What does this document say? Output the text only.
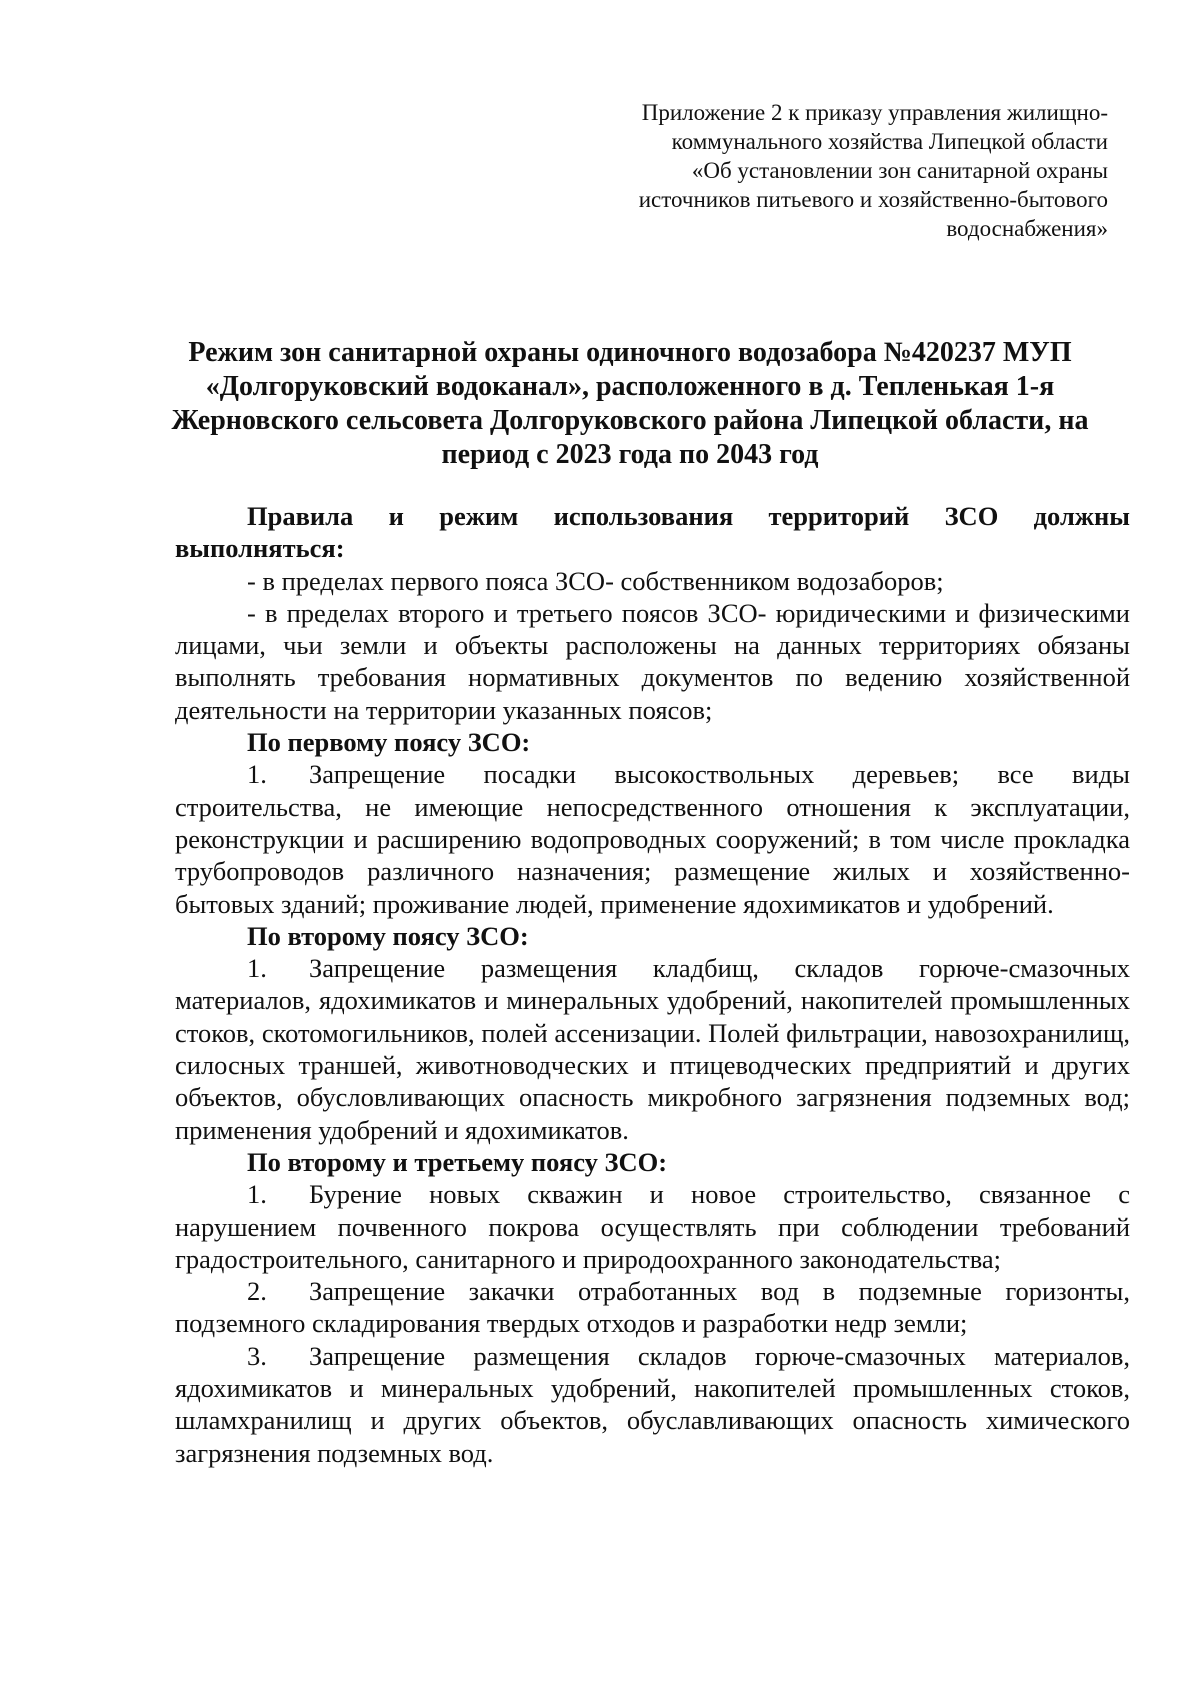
Приложение 2 к приказу управления жилищно-
коммунального хозяйства Липецкой области
«Об установлении зон санитарной охраны
источников питьевого и хозяйственно-бытового
водоснабжения»
Режим зон санитарной охраны одиночного водозабора №420237 МУП
«Долгоруковский водоканал», расположенного в д. Тепленькая 1-я
Жерновского сельсовета Долгоруковского района Липецкой области, на
период с 2023 года по 2043 год

Правила и режим использования территорий ЗСО должны выполняться:

- в пределах первого пояса ЗСО- собственником водозаборов;

- в пределах второго и третьего поясов ЗСО- юридическими и физическими лицами, чьи земли и объекты расположены на данных территориях обязаны выполнять требования нормативных документов по ведению хозяйственной деятельности на территории указанных поясов;

По первому поясу ЗСО:

1. Запрещение посадки высокоствольных деревьев; все виды строительства, не имеющие непосредственного отношения к эксплуатации, реконструкции и расширению водопроводных сооружений; в том числе прокладка трубопроводов различного назначения; размещение жилых и хозяйственно-бытовых зданий; проживание людей, применение ядохимикатов и удобрений.

По второму поясу ЗСО:

1. Запрещение размещения кладбищ, складов горюче-смазочных материалов, ядохимикатов и минеральных удобрений, накопителей промышленных стоков, скотомогильников, полей ассенизации. Полей фильтрации, навозохранилищ, силосных траншей, животноводческих и птицеводческих предприятий и других объектов, обусловливающих опасность микробного загрязнения подземных вод; применения удобрений и ядохимикатов.

По второму и третьему поясу ЗСО:

1. Бурение новых скважин и новое строительство, связанное с нарушением почвенного покрова осуществлять при соблюдении требований градостроительного, санитарного и природоохранного законодательства;

2. Запрещение закачки отработанных вод в подземные горизонты, подземного складирования твердых отходов и разработки недр земли;

3. Запрещение размещения складов горюче-смазочных материалов, ядохимикатов и минеральных удобрений, накопителей промышленных стоков, шламхранилищ и других объектов, обуславливающих опасность химического загрязнения подземных вод.
